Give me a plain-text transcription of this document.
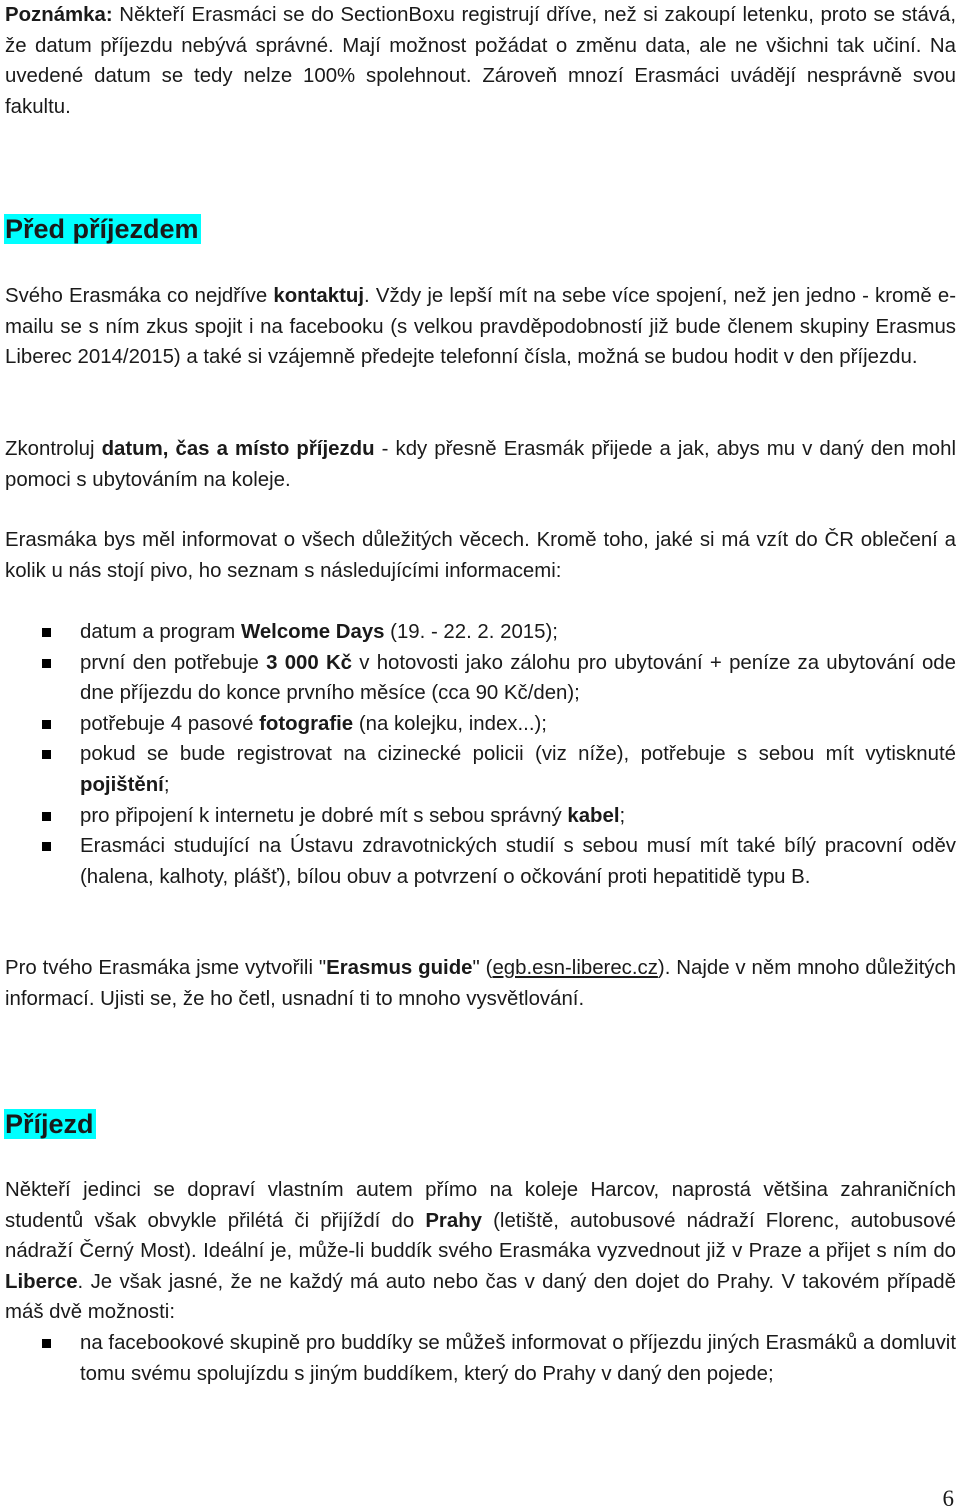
Poznámka: Někteří Erasmáci se do SectionBoxu registrují dříve, než si zakoupí letenku, proto se stává, že datum příjezdu nebývá správné. Mají možnost požádat o změnu data, ale ne všichni tak učiní. Na uvedené datum se tedy nelze 100% spolehnout. Zároveň mnozí Erasmáci uvádějí nesprávně svou fakultu.

Před příjezdem

Svého Erasmáka co nejdříve kontaktuj. Vždy je lepší mít na sebe více spojení, než jen jedno - kromě e-mailu se s ním zkus spojit i na facebooku (s velkou pravděpodobností již bude členem skupiny Erasmus Liberec 2014/2015) a také si vzájemně předejte telefonní čísla, možná se budou hodit v den příjezdu.

Zkontroluj datum, čas a místo příjezdu - kdy přesně Erasmák přijede a jak, abys mu v daný den mohl pomoci s ubytováním na koleje.

Erasmáka bys měl informovat o všech důležitých věcech. Kromě toho, jaké si má vzít do ČR oblečení a kolik u nás stojí pivo, ho seznam s následujícími informacemi:

datum a program Welcome Days (19. - 22. 2. 2015);
první den potřebuje 3 000 Kč v hotovosti jako zálohu pro ubytování + peníze za ubytování ode dne příjezdu do konce prvního měsíce (cca 90 Kč/den);
potřebuje 4 pasové fotografie (na kolejku, index...);
pokud se bude registrovat na cizinecké policii (viz níže), potřebuje s sebou mít vytisknuté pojištění;
pro připojení k internetu je dobré mít s sebou správný kabel;
Erasmáci studující na Ústavu zdravotnických studií s sebou musí mít také bílý pracovní oděv (halena, kalhoty, plášť), bílou obuv a potvrzení o očkování proti hepatitidě typu B.

Pro tvého Erasmáka jsme vytvořili "Erasmus guide" (egb.esn-liberec.cz). Najde v něm mnoho důležitých informací. Ujisti se, že ho četl, usnadní ti to mnoho vysvětlování.

Příjezd

Někteří jedinci se dopraví vlastním autem přímo na koleje Harcov, naprostá většina zahraničních studentů však obvykle přilétá či přijíždí do Prahy (letiště, autobusové nádraží Florenc, autobusové nádraží Černý Most). Ideální je, může-li buddík svého Erasmáka vyzvednout již v Praze a přijet s ním do Liberce. Je však jasné, že ne každý má auto nebo čas v daný den dojet do Prahy. V takovém případě máš dvě možnosti:

na facebookové skupině pro buddíky se můžeš informovat o příjezdu jiných Erasmáků a domluvit tomu svému spolujízdu s jiným buddíkem, který do Prahy v daný den pojede;
6
